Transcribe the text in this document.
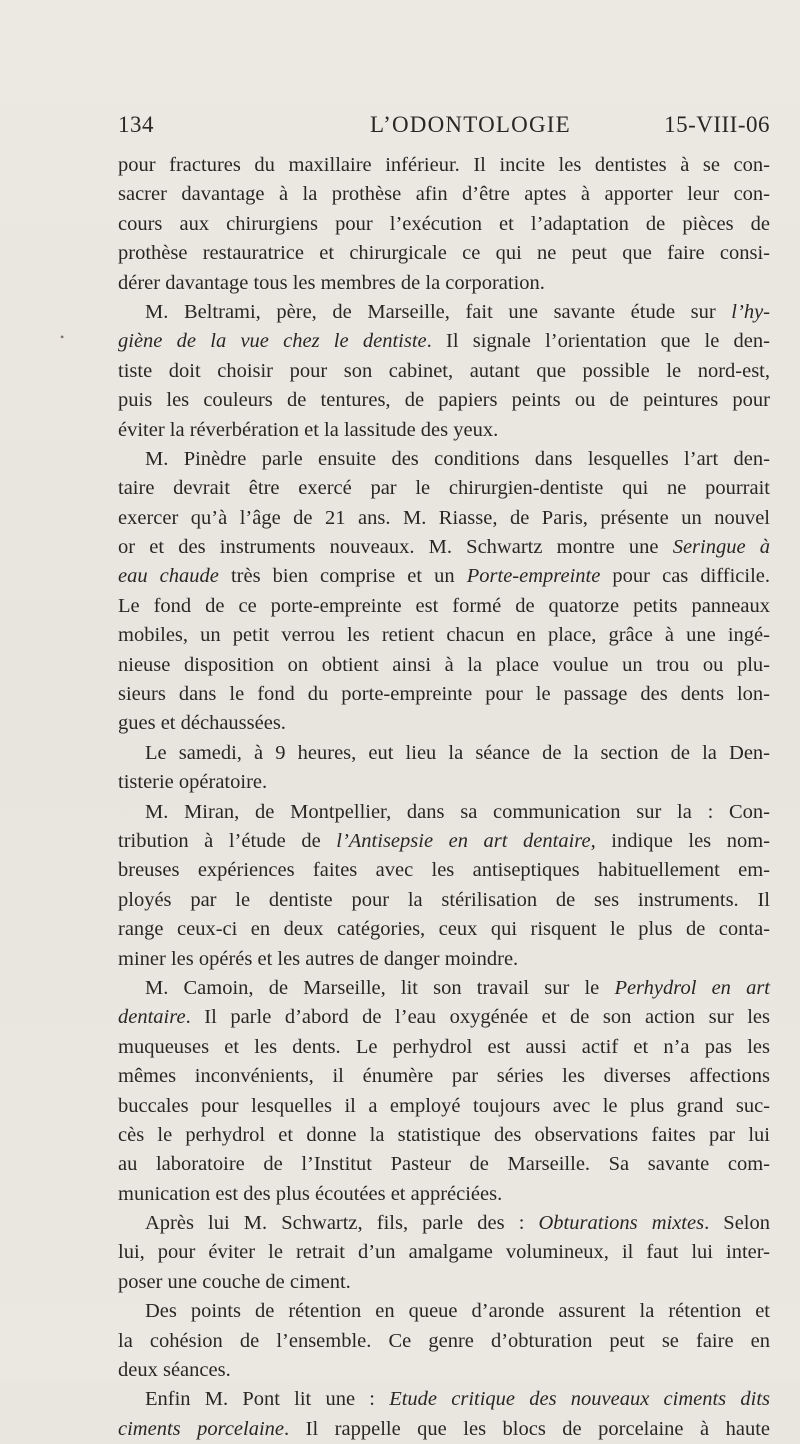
134	L’ODONTOLOGIE	15-VIII-06
•
pour fractures du maxillaire inférieur. Il incite les dentistes à se con-
sacrer davantage à la prothèse afin d’être aptes à apporter leur con-
cours aux chirurgiens pour l’exécution et l’adaptation de pièces de
prothèse restauratrice et chirurgicale ce qui ne peut que faire consi-
dérer davantage tous les membres de la corporation.
M. Beltrami, père, de Marseille, fait une savante étude sur l’hy-
giène de la vue chez le dentiste. Il signale l’orientation que le den-
tiste doit choisir pour son cabinet, autant que possible le nord-est,
puis les couleurs de tentures, de papiers peints ou de peintures pour
éviter la réverbération et la lassitude des yeux.
M. Pinèdre parle ensuite des conditions dans lesquelles l’art den-
taire devrait être exercé par le chirurgien-dentiste qui ne pourrait
exercer qu’à l’âge de 21 ans. M. Riasse, de Paris, présente un nouvel
or et des instruments nouveaux. M. Schwartz montre une Seringue à
eau chaude très bien comprise et un Porte-empreinte pour cas difficile.
Le fond de ce porte-empreinte est formé de quatorze petits panneaux
mobiles, un petit verrou les retient chacun en place, grâce à une ingé-
nieuse disposition on obtient ainsi à la place voulue un trou ou plu-
sieurs dans le fond du porte-empreinte pour le passage des dents lon-
gues et déchaussées.
Le samedi, à 9 heures, eut lieu la séance de la section de la Den-
tisterie opératoire.
M. Miran, de Montpellier, dans sa communication sur la : Con-
tribution à l’étude de l’Antisepsie en art dentaire, indique les nom-
breuses expériences faites avec les antiseptiques habituellement em-
ployés par le dentiste pour la stérilisation de ses instruments. Il
range ceux-ci en deux catégories, ceux qui risquent le plus de conta-
miner les opérés et les autres de danger moindre.
M. Camoin, de Marseille, lit son travail sur le Perhydrol en art
dentaire. Il parle d’abord de l’eau oxygénée et de son action sur les
muqueuses et les dents. Le perhydrol est aussi actif et n’a pas les
mêmes inconvénients, il énumère par séries les diverses affections
buccales pour lesquelles il a employé toujours avec le plus grand suc-
cès le perhydrol et donne la statistique des observations faites par lui
au laboratoire de l’Institut Pasteur de Marseille. Sa savante com-
munication est des plus écoutées et appréciées.
Après lui M. Schwartz, fils, parle des : Obturations mixtes. Selon
lui, pour éviter le retrait d’un amalgame volumineux, il faut lui inter-
poser une couche de ciment.
Des points de rétention en queue d’aronde assurent la rétention et
la cohésion de l’ensemble. Ce genre d’obturation peut se faire en
deux séances.
Enfin M. Pont lit une : Etude critique des nouveaux ciments dits
ciments porcelaine. Il rappelle que les blocs de porcelaine à haute
